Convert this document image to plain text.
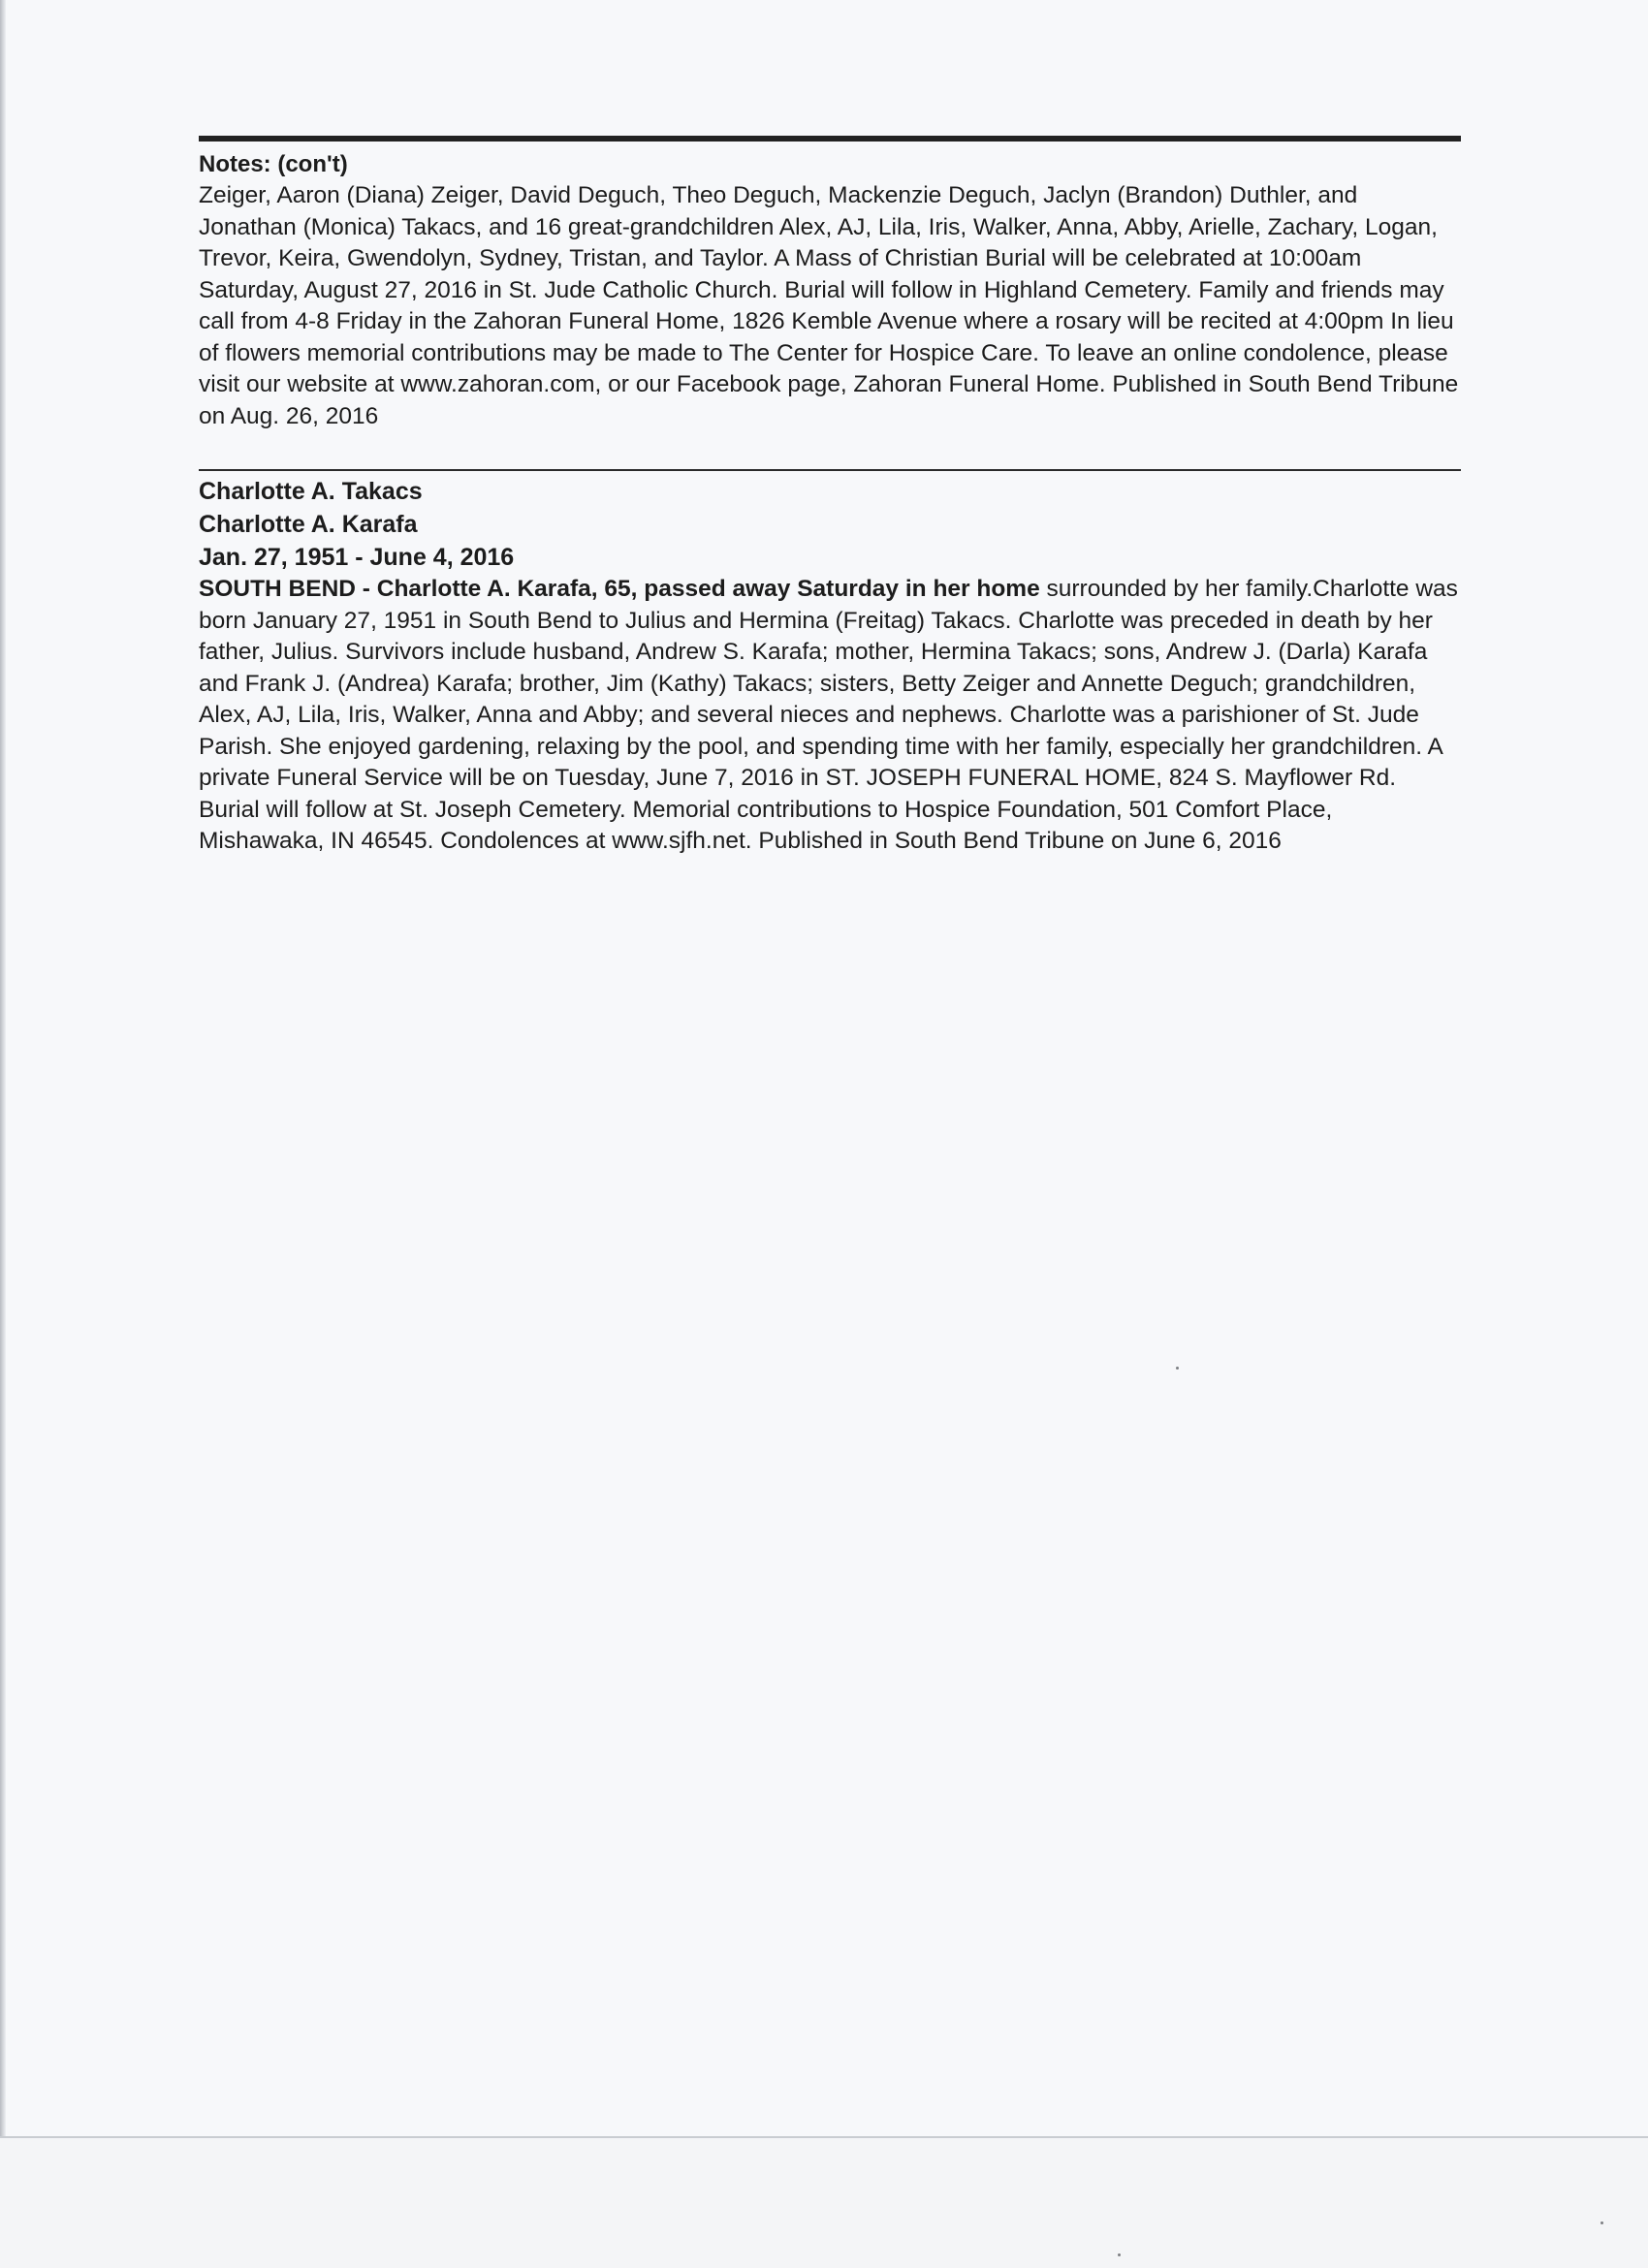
Notes: (con't)

Zeiger, Aaron (Diana) Zeiger, David Deguch, Theo Deguch, Mackenzie Deguch, Jaclyn (Brandon) Duthler, and Jonathan (Monica) Takacs, and 16 great-grandchildren Alex, AJ, Lila, Iris, Walker, Anna, Abby, Arielle, Zachary, Logan, Trevor, Keira, Gwendolyn, Sydney, Tristan, and Taylor. A Mass of Christian Burial will be celebrated at 10:00am Saturday, August 27, 2016 in St. Jude Catholic Church. Burial will follow in Highland Cemetery. Family and friends may call from 4-8 Friday in the Zahoran Funeral Home, 1826 Kemble Avenue where a rosary will be recited at 4:00pm In lieu of flowers memorial contributions may be made to The Center for Hospice Care. To leave an online condolence, please visit our website at www.zahoran.com, or our Facebook page, Zahoran Funeral Home. Published in South Bend Tribune on Aug. 26, 2016

Charlotte A. Takacs
Charlotte A. Karafa
Jan. 27, 1951 - June 4, 2016

SOUTH BEND - Charlotte A. Karafa, 65, passed away Saturday in her home surrounded by her family.Charlotte was born January 27, 1951 in South Bend to Julius and Hermina (Freitag) Takacs. Charlotte was preceded in death by her father, Julius. Survivors include husband, Andrew S. Karafa; mother, Hermina Takacs; sons, Andrew J. (Darla) Karafa and Frank J. (Andrea) Karafa; brother, Jim (Kathy) Takacs; sisters, Betty Zeiger and Annette Deguch; grandchildren, Alex, AJ, Lila, Iris, Walker, Anna and Abby; and several nieces and nephews. Charlotte was a parishioner of St. Jude Parish. She enjoyed gardening, relaxing by the pool, and spending time with her family, especially her grandchildren. A private Funeral Service will be on Tuesday, June 7, 2016 in ST. JOSEPH FUNERAL HOME, 824 S. Mayflower Rd. Burial will follow at St. Joseph Cemetery. Memorial contributions to Hospice Foundation, 501 Comfort Place, Mishawaka, IN 46545. Condolences at www.sjfh.net. Published in South Bend Tribune on June 6, 2016
